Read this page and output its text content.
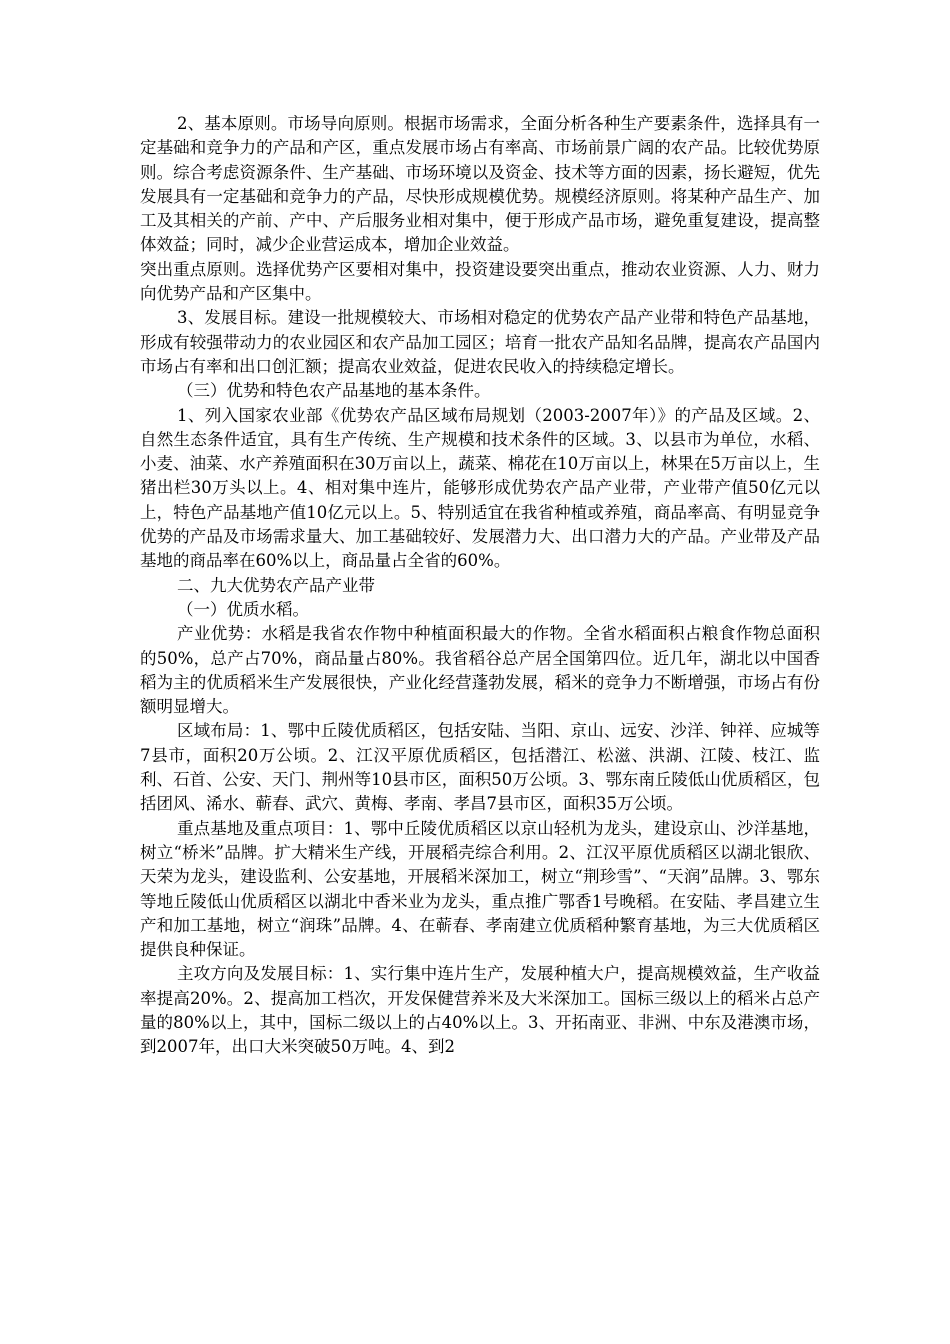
2、基本原则。市场导向原则。根据市场需求，全面分析各种生产要素条件，选择具有一定基础和竞争力的产品和产区，重点发展市场占有率高、市场前景广阔的农产品。比较优势原则。综合考虑资源条件、生产基础、市场环境以及资金、技术等方面的因素，扬长避短，优先发展具有一定基础和竞争力的产品，尽快形成规模优势。规模经济原则。将某种产品生产、加工及其相关的产前、产中、产后服务业相对集中，便于形成产品市场，避免重复建设，提高整体效益；同时，减少企业营运成本，增加企业效益。

突出重点原则。选择优势产区要相对集中，投资建设要突出重点，推动农业资源、人力、财力向优势产品和产区集中。

3、发展目标。建设一批规模较大、市场相对稳定的优势农产品产业带和特色产品基地，形成有较强带动力的农业园区和农产品加工园区；培育一批农产品知名品牌，提高农产品国内市场占有率和出口创汇额；提高农业效益，促进农民收入的持续稳定增长。

（三）优势和特色农产品基地的基本条件。

1、列入国家农业部《优势农产品区域布局规划（2003-2007年）》的产品及区域。2、自然生态条件适宜，具有生产传统、生产规模和技术条件的区域。3、以县市为单位，水稻、小麦、油菜、水产养殖面积在30万亩以上，蔬菜、棉花在10万亩以上，林果在5万亩以上，生猪出栏30万头以上。4、相对集中连片，能够形成优势农产品产业带，产业带产值50亿元以上，特色产品基地产值10亿元以上。5、特别适宜在我省种植或养殖，商品率高、有明显竞争优势的产品及市场需求量大、加工基础较好、发展潜力大、出口潜力大的产品。产业带及产品基地的商品率在60%以上，商品量占全省的60%。

二、九大优势农产品产业带

（一）优质水稻。

产业优势：水稻是我省农作物中种植面积最大的作物。全省水稻面积占粮食作物总面积的50%，总产占70%，商品量占80%。我省稻谷总产居全国第四位。近几年，湖北以中国香稻为主的优质稻米生产发展很快，产业化经营蓬勃发展，稻米的竞争力不断增强，市场占有份额明显增大。

区域布局：1、鄂中丘陵优质稻区，包括安陆、当阳、京山、远安、沙洋、钟祥、应城等7县市，面积20万公顷。2、江汉平原优质稻区，包括潜江、松滋、洪湖、江陵、枝江、监利、石首、公安、天门、荆州等10县市区，面积50万公顷。3、鄂东南丘陵低山优质稻区，包括团风、浠水、蕲春、武穴、黄梅、孝南、孝昌7县市区，面积35万公顷。

重点基地及重点项目：1、鄂中丘陵优质稻区以京山轻机为龙头，建设京山、沙洋基地，树立“桥米”品牌。扩大精米生产线，开展稻壳综合利用。2、江汉平原优质稻区以湖北银欣、天荣为龙头，建设监利、公安基地，开展稻米深加工，树立“荆珍雪”、“天润”品牌。3、鄂东等地丘陵低山优质稻区以湖北中香米业为龙头，重点推广鄂香1号晚稻。在安陆、孝昌建立生产和加工基地，树立“润珠”品牌。4、在蕲春、孝南建立优质稻种繁育基地，为三大优质稻区提供良种保证。

主攻方向及发展目标：1、实行集中连片生产，发展种植大户，提高规模效益，生产收益率提高20%。2、提高加工档次，开发保健营养米及大米深加工。国标三级以上的稻米占总产量的80%以上，其中，国标二级以上的占40%以上。3、开拓南亚、非洲、中东及港澳市场，到2007年，出口大米突破50万吨。4、到2
